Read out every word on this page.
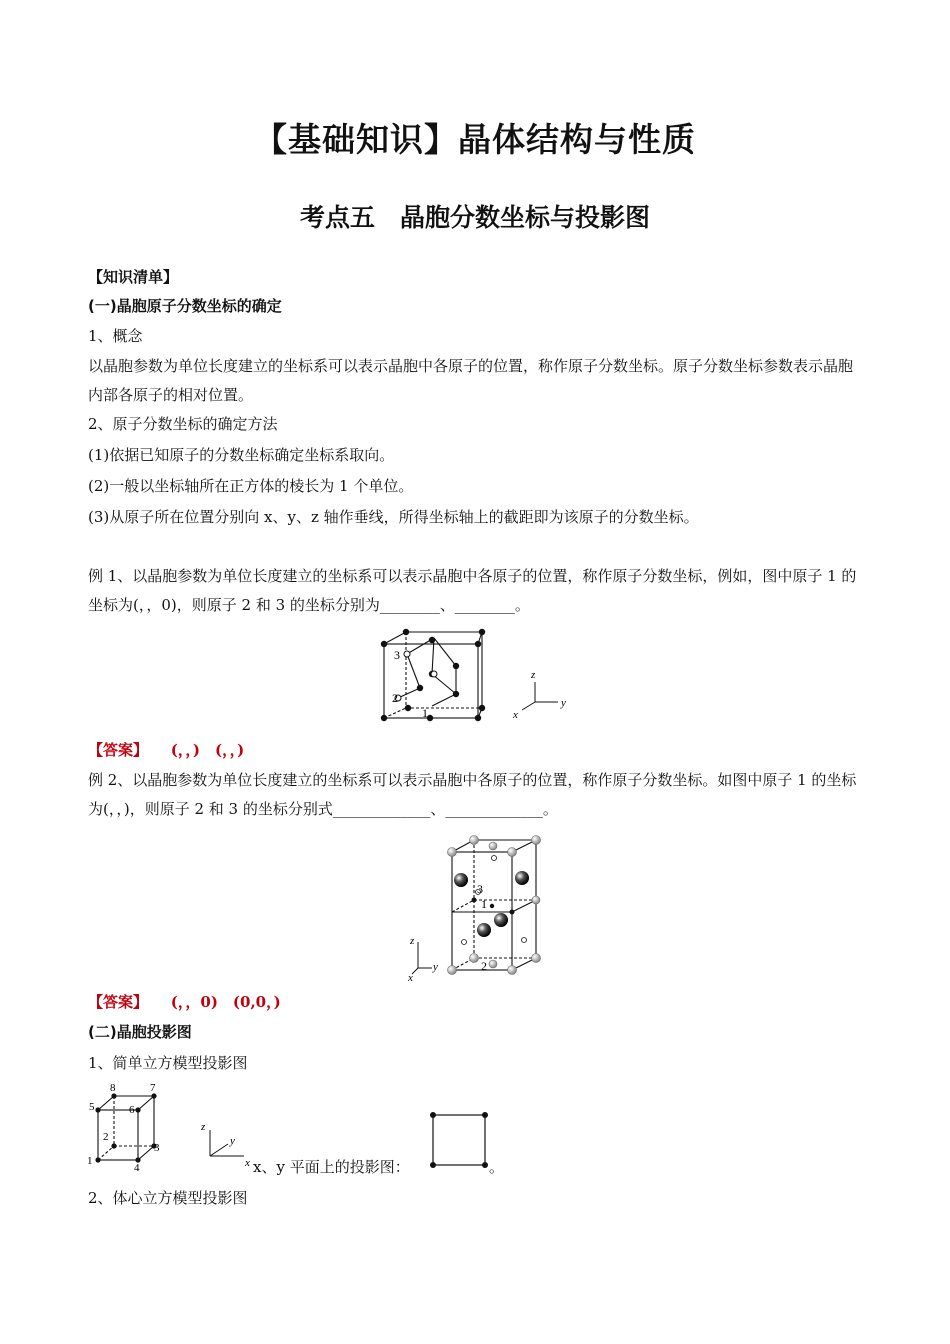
【基础知识】晶体结构与性质
考点五　晶胞分数坐标与投影图
【知识清单】
(一)晶胞原子分数坐标的确定
1、概念
以晶胞参数为单位长度建立的坐标系可以表示晶胞中各原子的位置，称作原子分数坐标。原子分数坐标参数表示晶胞内部各原子的相对位置。
2、原子分数坐标的确定方法
(1)依据已知原子的分数坐标确定坐标系取向。
(2)一般以坐标轴所在正方体的棱长为 1 个单位。
(3)从原子所在位置分别向 x、y、z 轴作垂线，所得坐标轴上的截距即为该原子的分数坐标。
例 1、以晶胞参数为单位长度建立的坐标系可以表示晶胞中各原子的位置，称作原子分数坐标，例如，图中原子 1 的坐标为(，，0)，则原子 2 和 3 的坐标分别为________、________。
1
2
3
z
y
x
【答案】 (，，)　(，，)
例 2、以晶胞参数为单位长度建立的坐标系可以表示晶胞中各原子的位置，称作原子分数坐标。如图中原子 1 的坐标为(，，)，则原子 2 和 3 的坐标分别式_____________、_____________。
1
2
3
z
y
x
【答案】 (，，0)　(0,0，)
(二)晶胞投影图
1、简单立方模型投影图
8	7
5	6
2
3
1
4
z
y
x x、y 平面上的投影图：	。
2、体心立方模型投影图
